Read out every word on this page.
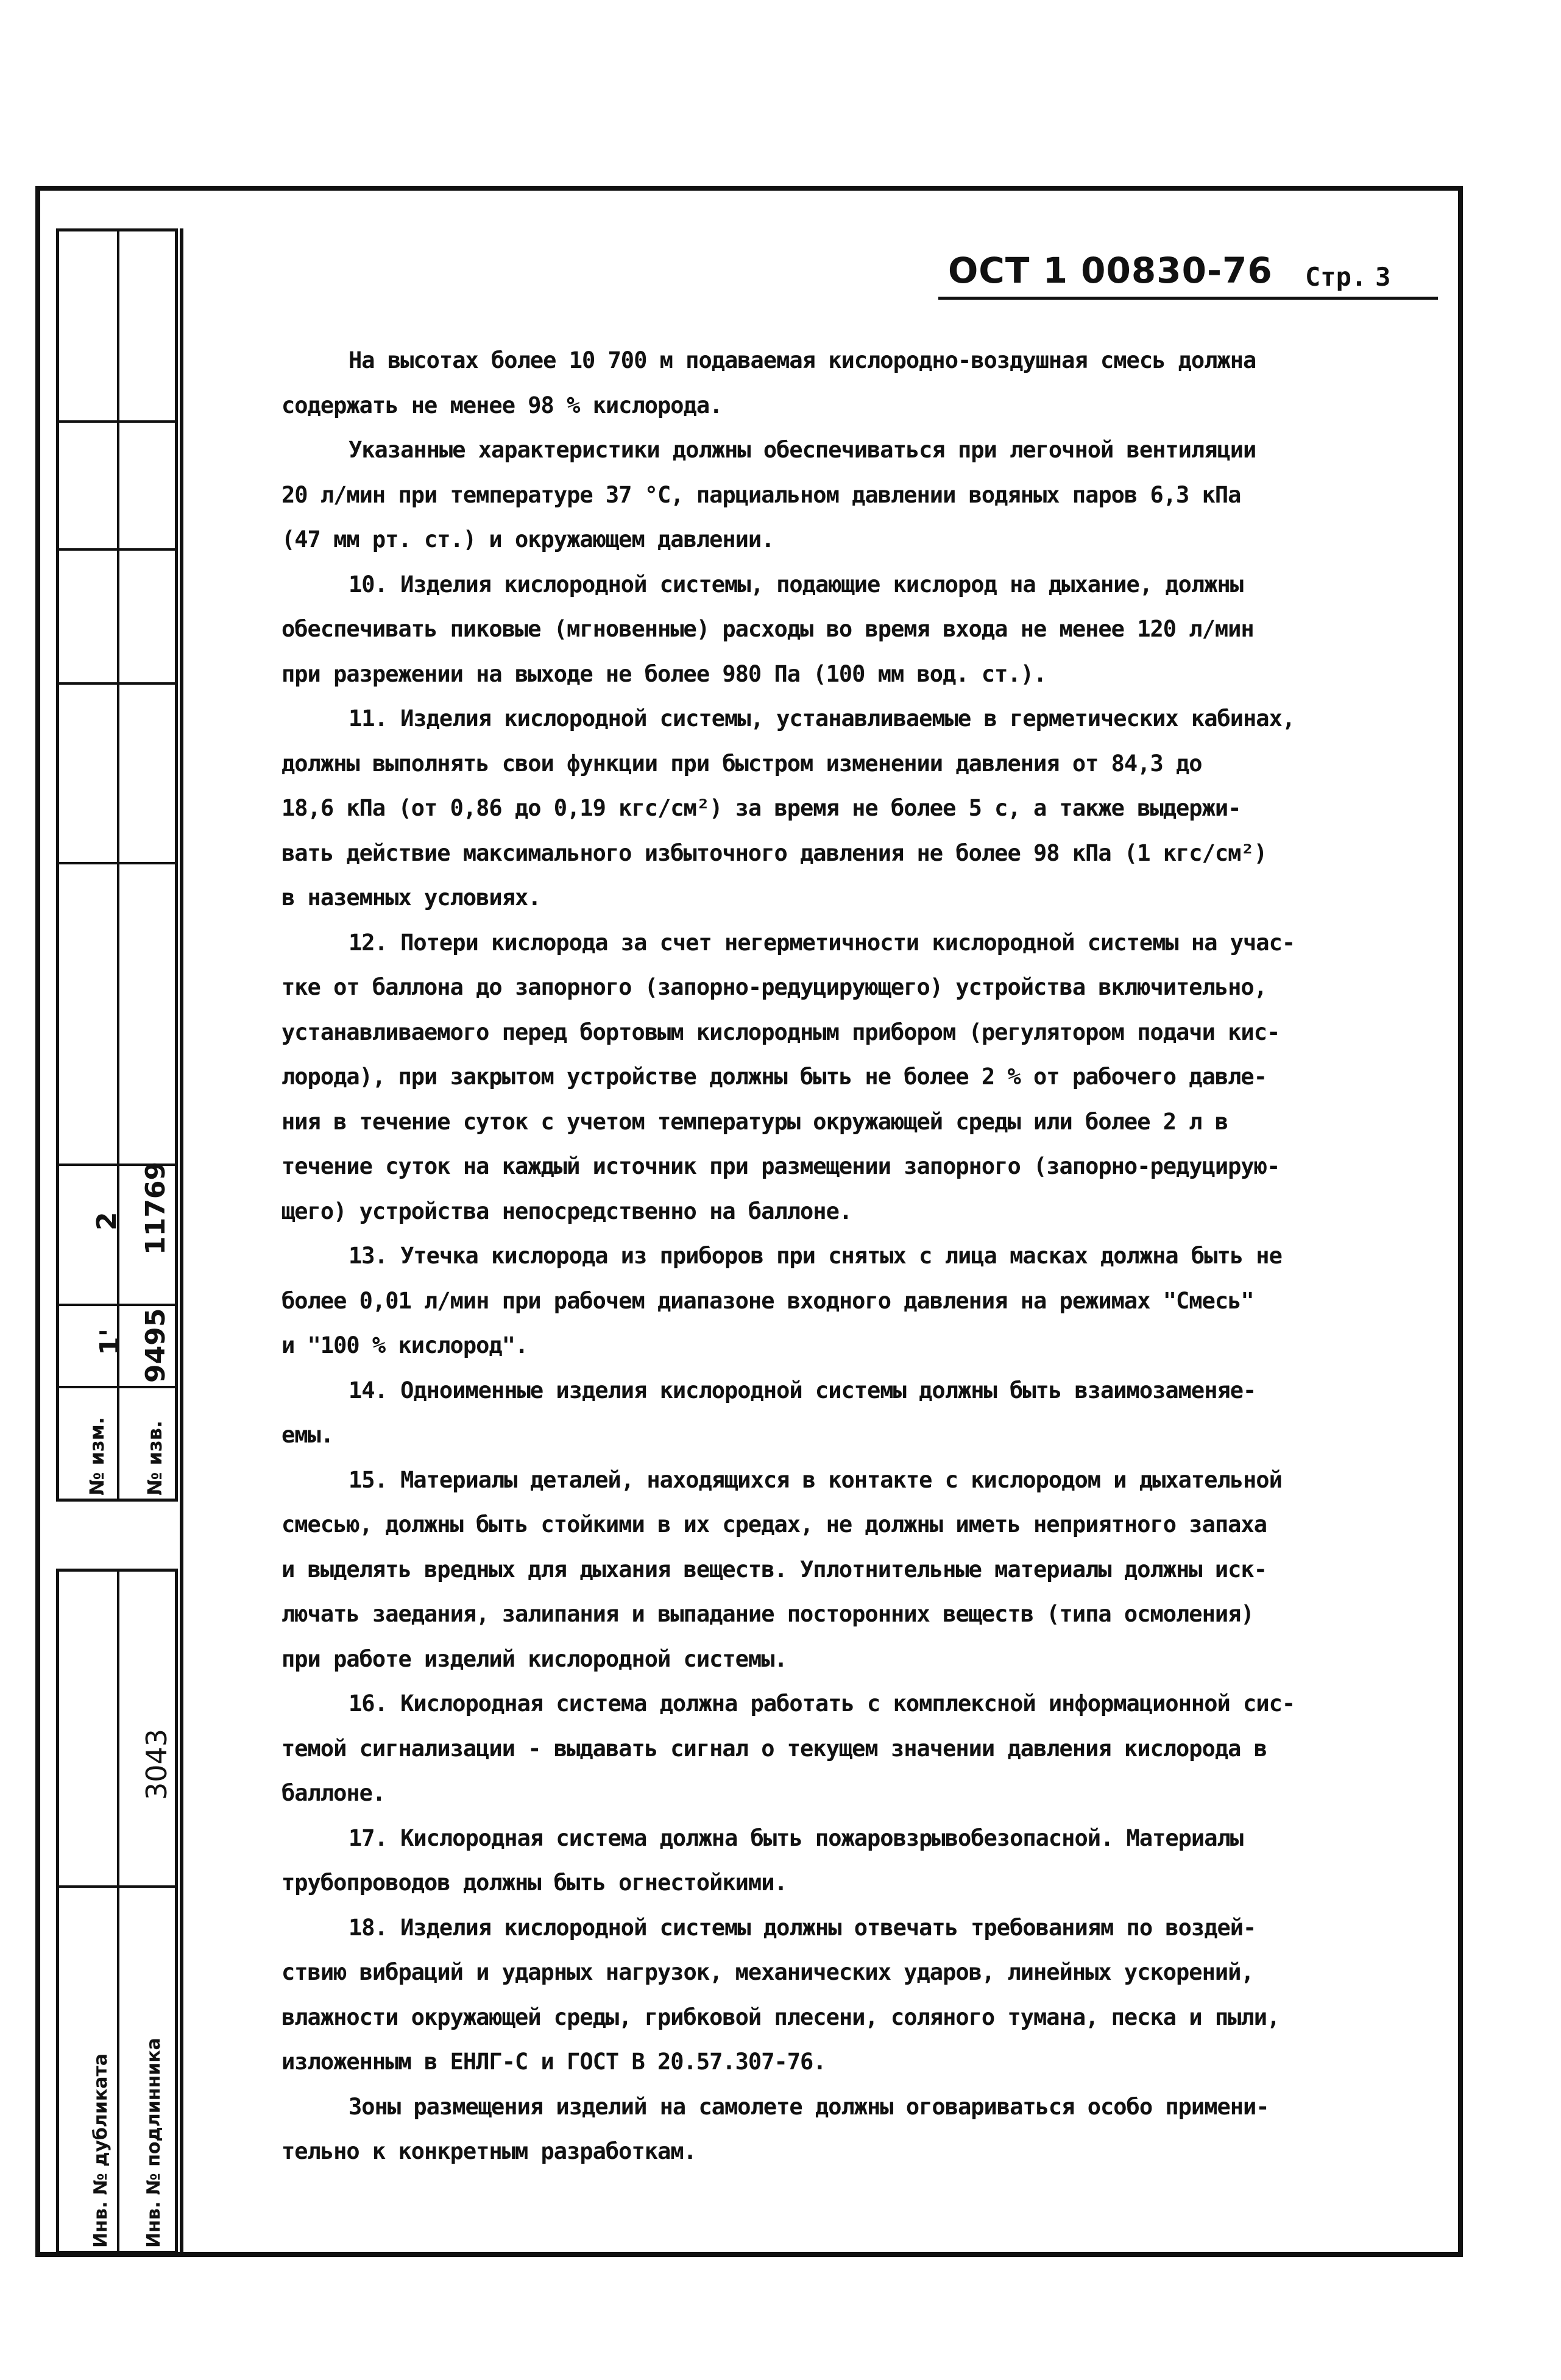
№ изм. № изв.
1' 9495
2 11769
Инв. № дубликата Инв. № подлинника
3043
ОСТ 1 00830-76 Стр. 3
На высотах более 10 700 м подаваемая кислородно-воздушная смесь должна
содержать не менее 98 % кислорода.
Указанные характеристики должны обеспечиваться при легочной вентиляции
20 л/мин при температуре 37 °С, парциальном давлении водяных паров 6,3 кПа
(47 мм рт. ст.) и окружающем давлении.
10. Изделия кислородной системы, подающие кислород на дыхание, должны
обеспечивать пиковые (мгновенные) расходы во время входа не менее 120 л/мин
при разрежении на выходе не более 980 Па (100 мм вод. ст.).
11. Изделия кислородной системы, устанавливаемые в герметических кабинах,
должны выполнять свои функции при быстром изменении давления от 84,3 до
18,6 кПа (от 0,86 до 0,19 кгс/см²) за время не более 5 с, а также выдержи-
вать действие максимального избыточного давления не более 98 кПа (1 кгс/см²)
в наземных условиях.
12. Потери кислорода за счет негерметичности кислородной системы на учас-
тке от баллона до запорного (запорно-редуцирующего) устройства включительно,
устанавливаемого перед бортовым кислородным прибором (регулятором подачи кис-
лорода), при закрытом устройстве должны быть не более 2 % от рабочего давле-
ния в течение суток с учетом температуры окружающей среды или более 2 л в
течение суток на каждый источник при размещении запорного (запорно-редуцирую-
щего) устройства непосредственно на баллоне.
13. Утечка кислорода из приборов при снятых с лица масках должна быть не
более 0,01 л/мин при рабочем диапазоне входного давления на режимах "Смесь"
и "100 % кислород".
14. Одноименные изделия кислородной системы должны быть взаимозаменяе-
емы.
15. Материалы деталей, находящихся в контакте с кислородом и дыхательной
смесью, должны быть стойкими в их средах, не должны иметь неприятного запаха
и выделять вредных для дыхания веществ. Уплотнительные материалы должны иск-
лючать заедания, залипания и выпадание посторонних веществ (типа осмоления)
при работе изделий кислородной системы.
16. Кислородная система должна работать с комплексной информационной сис-
темой сигнализации - выдавать сигнал о текущем значении давления кислорода в
баллоне.
17. Кислородная система должна быть пожаровзрывобезопасной. Материалы
трубопроводов должны быть огнестойкими.
18. Изделия кислородной системы должны отвечать требованиям по воздей-
ствию вибраций и ударных нагрузок, механических ударов, линейных ускорений,
влажности окружающей среды, грибковой плесени, соляного тумана, песка и пыли,
изложенным в ЕНЛГ-С и ГОСТ В 20.57.307-76.
Зоны размещения изделий на самолете должны оговариваться особо примени-
тельно к конкретным разработкам.
